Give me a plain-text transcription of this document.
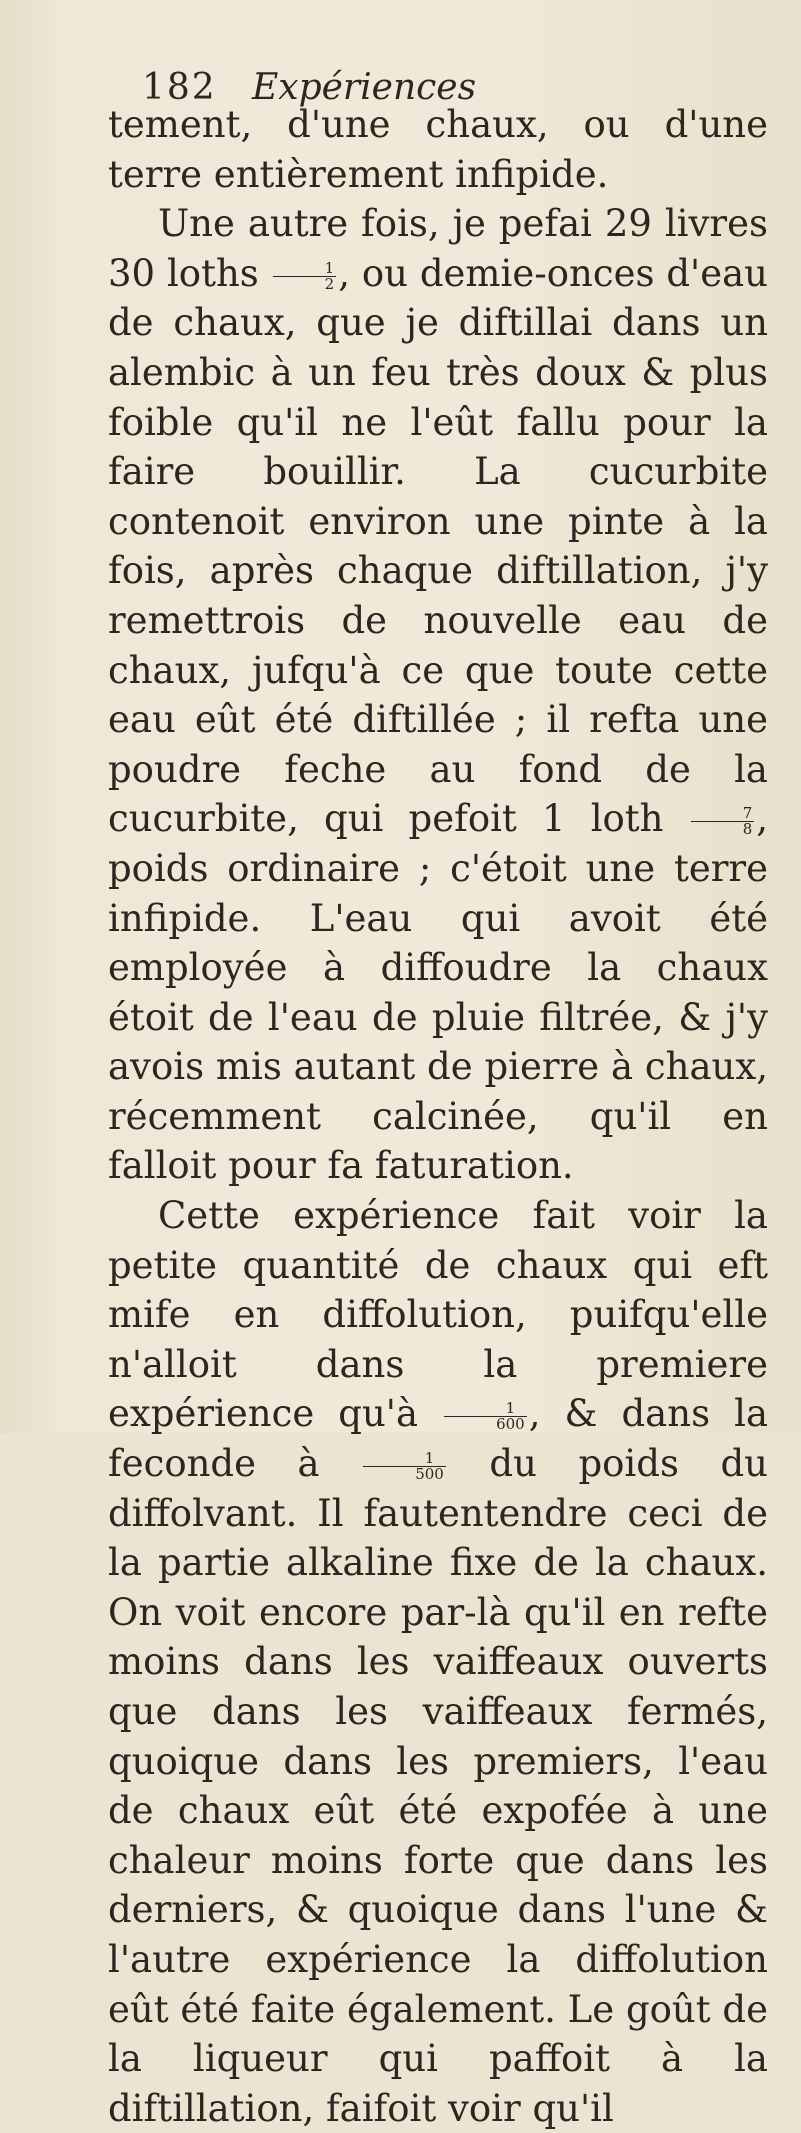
182 Expériences

tement, d'une chaux, ou d'une terre entièrement infipide.

Une autre fois, je pefai 29 livres 30 loths $\frac{1}{2}$ , ou demie-onces d'eau de chaux, que je diftillai dans un alembic à un feu très doux & plus foible qu'il ne l'eût fallu pour la faire bouillir. La cucurbite contenoit environ une pinte à la fois, après chaque diftillation, j'y remettrois de nouvelle eau de chaux, jufqu'à ce que toute cette eau eût été diftillée ; il refta une poudre feche au fond de la cucurbite, qui pefoit 1 loth $\frac{7}{8}$ , poids ordinaire ; c'étoit une terre infipide. L'eau qui avoit été employée à diffoudre la chaux étoit de l'eau de pluie filtrée, & j'y avois mis autant de pierre à chaux, récemment calcinée, qu'il en falloit pour fa faturation.

Cette expérience fait voir la petite quantité de chaux qui eft mife en diffolution, puifqu'elle n'alloit dans la premiere expérience qu'à $\frac{1}{600}$ , & dans la feconde à $\frac{1}{500}$ du poids du diffolvant. Il fautentendre ceci de la partie alkaline fixe de la chaux. On voit encore par-là qu'il en refte moins dans les vaiffeaux ouverts que dans les vaiffeaux fermés, quoique dans les premiers, l'eau de chaux eût été expofée à une chaleur moins forte que dans les derniers, & quoique dans l'une & l'autre expérience la diffolution eût été faite également. Le goût de la liqueur qui paffoit à la diftillation, faifoit voir qu'il
